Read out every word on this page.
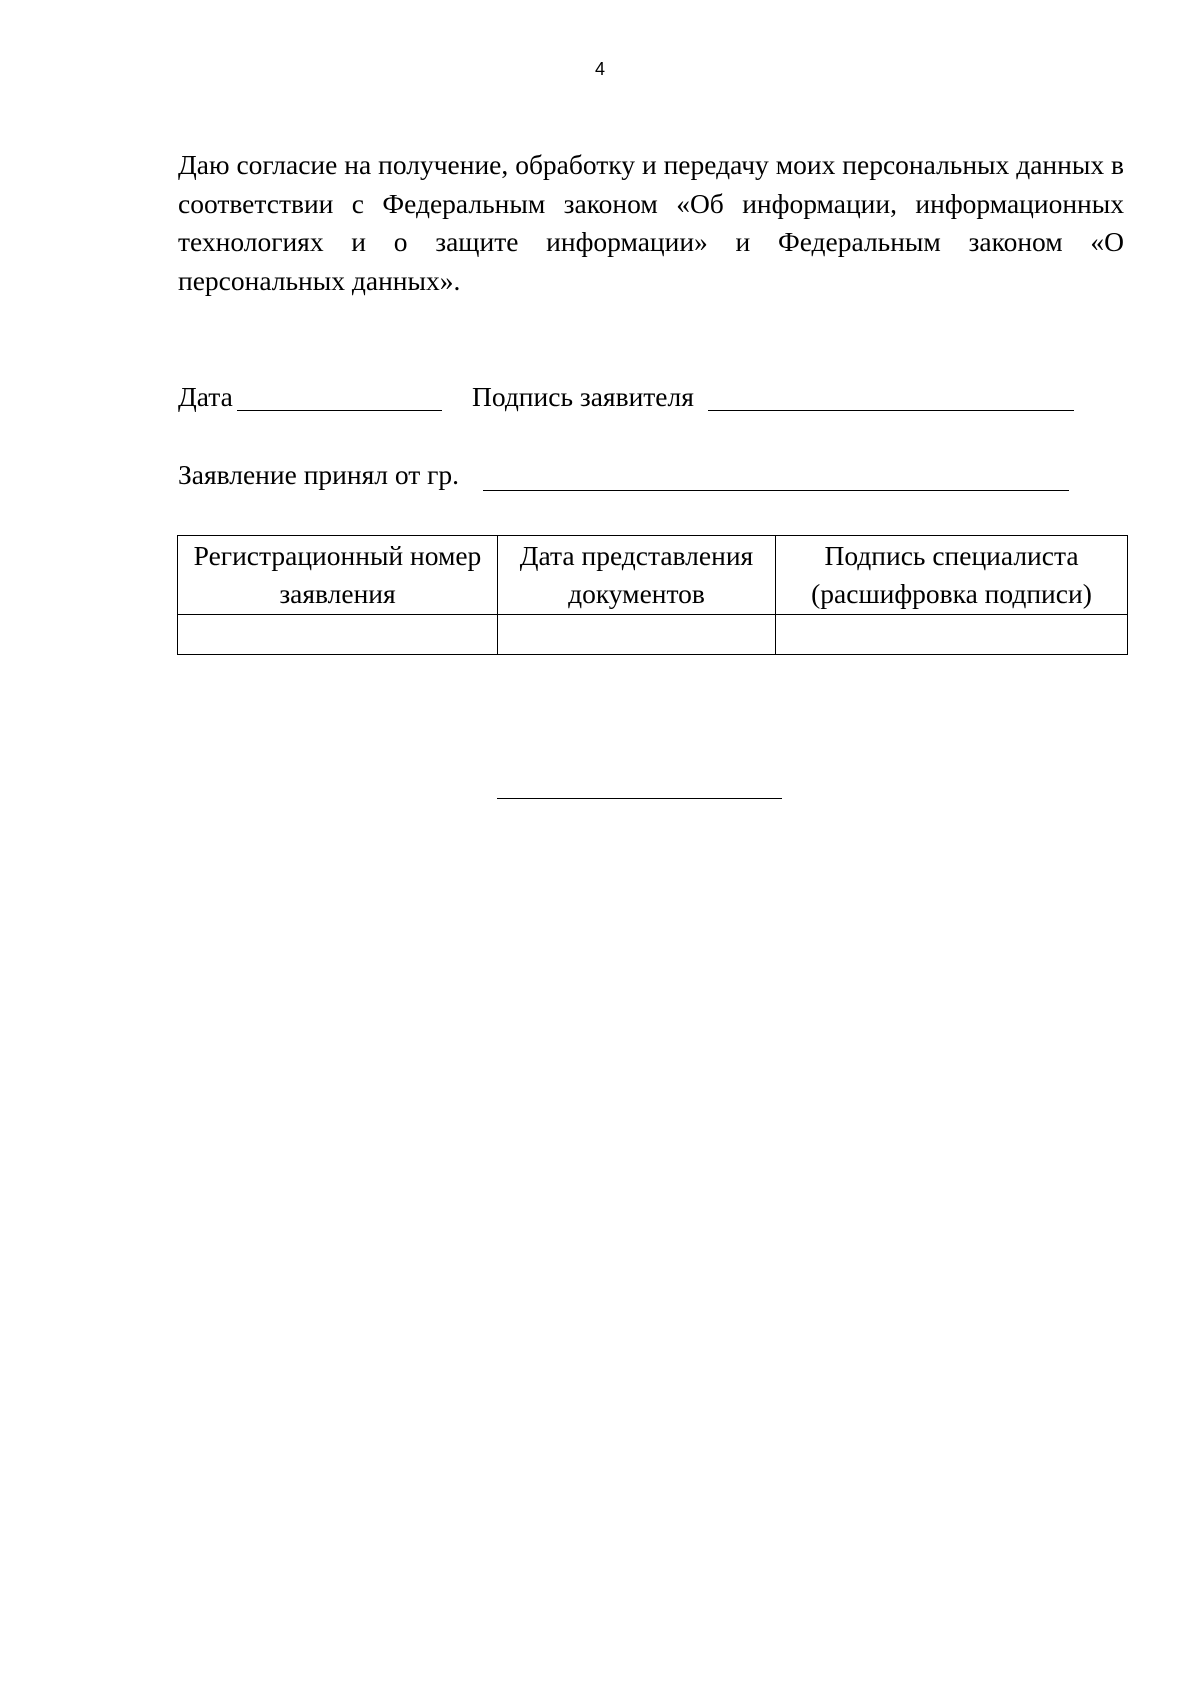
4

Даю согласие на получение, обработку и передачу моих персональных данных в соответствии с Федеральным законом «Об информации, информационных технологиях и о защите информации» и Федеральным законом «О персональных данных».

Дата	Подпись заявителя
Заявление принял от гр.
Регистрационный номер заявления	Дата представления документов	Подпись специалиста (расшифровка подписи)
